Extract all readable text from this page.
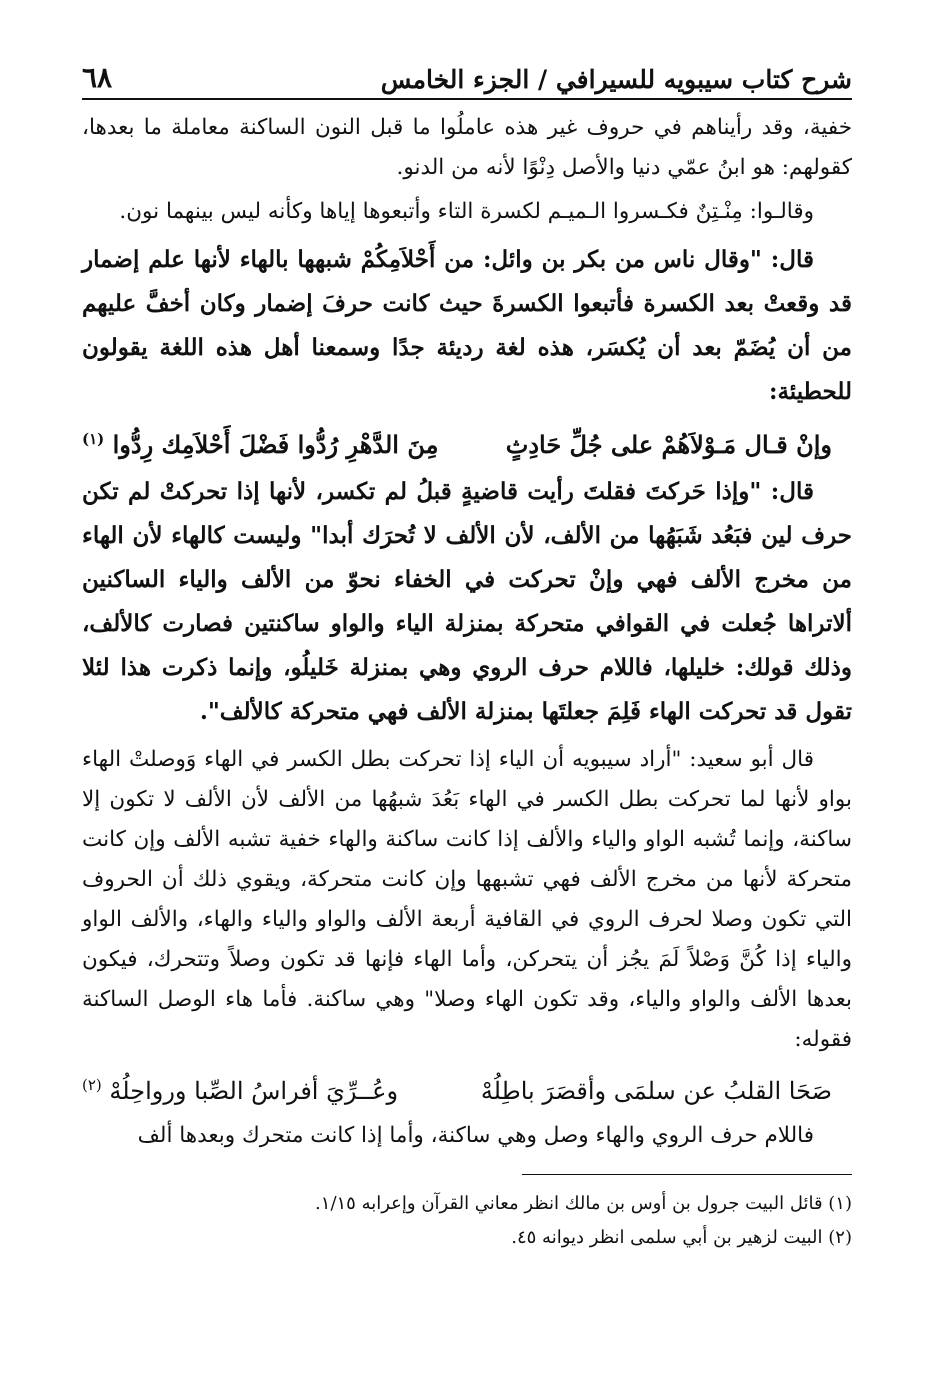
شرح كتاب سيبويه للسيرافي / الجزء الخامس
٦٨

خفية، وقد رأيناهم في حروف غير هذه عاملُوا ما قبل النون الساكنة معاملة ما بعدها، كقولهم: هو ابنُ عمّي دنيا والأصل دِنْوًا لأنه من الدنو.

وقالـوا: مِنْـتِنٌ فكـسروا الـميـم لكسرة التاء وأتبعوها إياها وكأنه ليس بينهما نون.

قال: "وقال ناس من بكر بن وائل: من أَحْلاَمِكُمْ شبهها بالهاء لأنها علم إضمار قد وقعتْ بعد الكسرة فأتبعوا الكسرةَ حيث كانت حرفَ إضمار وكان أخفَّ عليهم من أن يُضَمّ بعد أن يُكسَر، هذه لغة رديئة جدًا وسمعنا أهل هذه اللغة يقولون للحطيئة:

وإنْ قـال مَـوْلاَهُمْ على جُلِّ حَادِثٍ
مِنَ الدَّهْرِ رُدُّوا فَضْلَ أَحْلاَمِك رِدُّوا $^{(١)}$

قال: "وإذا حَركتَ فقلتَ رأيت قاضيةٍ قبلُ لم تكسر، لأنها إذا تحركتْ لم تكن حرف لين فبَعُد شَبَهُها من الألف، لأن الألف لا تُحرَك أبدا" وليست كالهاء لأن الهاء من مخرج الألف فهي وإنْ تحركت في الخفاء نحوّ من الألف والياء الساكنين ألاتراها جُعلت في القوافي متحركة بمنزلة الياء والواو ساكنتين فصارت كالألف، وذلك قولك: خليلها، فاللام حرف الروي وهي بمنزلة خَليلُو، وإنما ذكرت هذا لئلا تقول قد تحركت الهاء فَلِمَ جعلتَها بمنزلة الألف فهي متحركة كالألف".

قال أبو سعيد: "أراد سيبويه أن الياء إذا تحركت بطل الكسر في الهاء وَوصلتْ الهاء بواو لأنها لما تحركت بطل الكسر في الهاء بَعُدَ شبهُها من الألف لأن الألف لا تكون إلا ساكنة، وإنما تُشبه الواو والياء والألف إذا كانت ساكنة والهاء خفية تشبه الألف وإن كانت متحركة لأنها من مخرج الألف فهي تشبهها وإن كانت متحركة، ويقوي ذلك أن الحروف التي تكون وصلا لحرف الروي في القافية أربعة الألف والواو والياء والهاء، والألف الواو والياء إذا كُنَّ وَصْلاً لَمَ يجُز أن يتحركن، وأما الهاء فإنها قد تكون وصلاً وتتحرك، فيكون بعدها الألف والواو والياء، وقد تكون الهاء وصلا" وهي ساكنة. فأما هاء الوصل الساكنة فقوله:

صَحَا القلبُ عن سلمَى وأقصَرَ باطِلُهْ
وعُــرِّيَ أفراسُ الصِّبا ورواحِلُهْ $^{(٢)}$

فاللام حرف الروي والهاء وصل وهي ساكنة، وأما إذا كانت متحرك وبعدها ألف

(١) قائل البيت جرول بن أوس بن مالك انظر معاني القرآن وإعرابه ١/١٥.

(٢) البيت لزهير بن أبي سلمى انظر ديوانه ٤٥.
